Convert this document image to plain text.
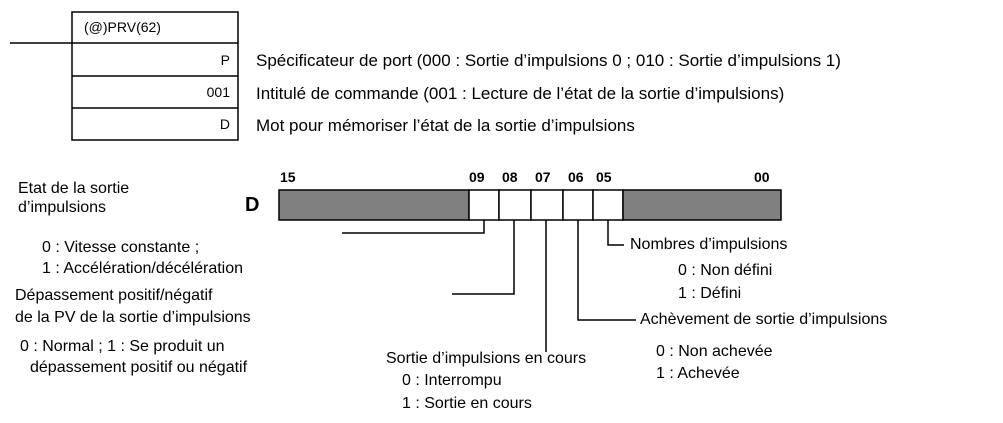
(@)PRV(62)
P
001
D
Spécificateur de port (000 : Sortie d’impulsions 0 ; 010 : Sortie d’impulsions 1)
Intitulé de commande (001 : Lecture de l’état de la sortie d’impulsions)
Mot pour mémoriser l’état de la sortie d’impulsions
D
15	09 08 07 06 05	00
Etat de la sortie
d’impulsions
0 : Vitesse constante ;
1 : Accélération/décélération
Dépassement positif/négatif
de la PV de la sortie d’impulsions
0 : Normal ; 1 : Se produit un
dépassement positif ou négatif
Sortie d’impulsions en cours
0 : Interrompu
1 : Sortie en cours
Achèvement de sortie d’impulsions
0 : Non achevée
1 : Achevée
Nombres d’impulsions
0 : Non défini
1 : Défini
